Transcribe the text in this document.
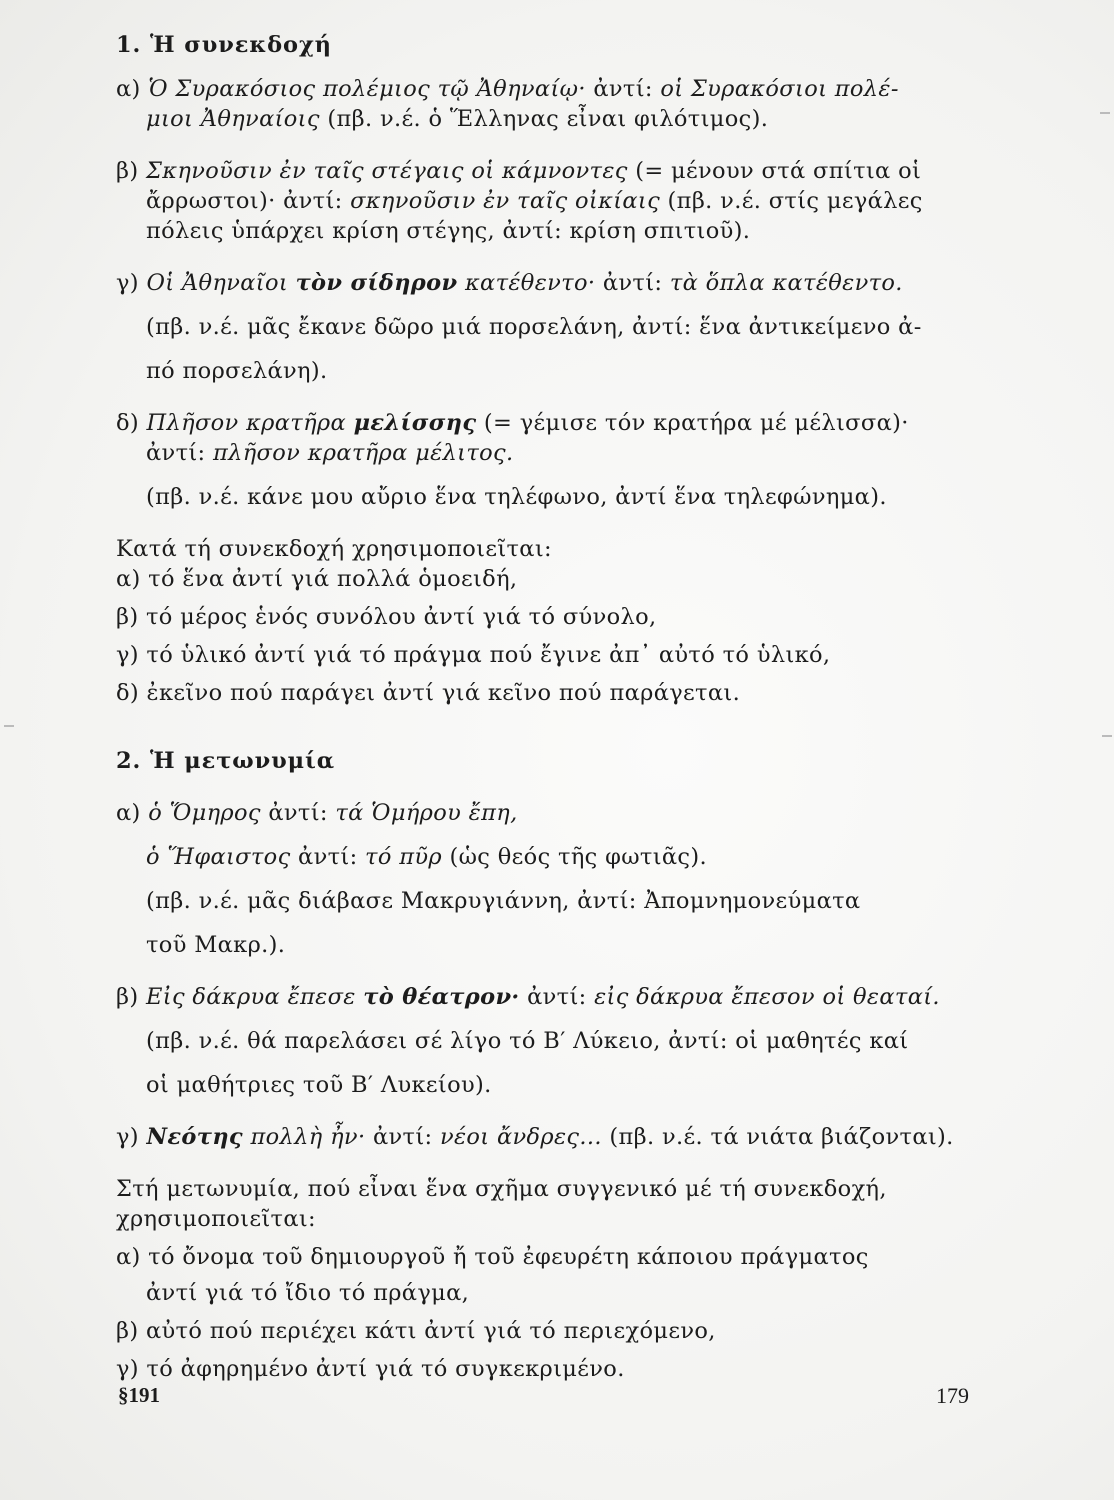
1. Ἡ συνεκδοχή

α) Ὁ Συρακόσιος πολέμιος τῷ Ἀθηναίῳ· ἀντί: οἱ Συρακόσιοι πολέ-

μιοι Ἀθηναίοις (πβ. ν.έ. ὁ Ἕλληνας εἶναι φιλότιμος).

β) Σκηνοῦσιν ἐν ταῖς στέγαις οἱ κάμνοντες (= μένουν στά σπίτια οἱ

ἄρρωστοι)· ἀντί: σκηνοῦσιν ἐν ταῖς οἰκίαις (πβ. ν.έ. στίς μεγάλες

πόλεις ὑπάρχει κρίση στέγης, ἀντί: κρίση σπιτιοῦ).

γ) Οἱ Ἀθηναῖοι τὸν σίδηρον κατέθεντο· ἀντί: τὰ ὅπλα κατέθεντο.

(πβ. ν.έ. μᾶς ἔκανε δῶρο μιά πορσελάνη, ἀντί: ἕνα ἀντικείμενο ἀ-

πό πορσελάνη).

δ) Πλῆσον κρατῆρα μελίσσης (= γέμισε τόν κρατήρα μέ μέλισσα)·

ἀντί: πλῆσον κρατῆρα μέλιτος.

(πβ. ν.έ. κάνε μου αὔριο ἕνα τηλέφωνο, ἀντί ἕνα τηλεφώνημα).

Κατά τή συνεκδοχή χρησιμοποιεῖται:

α) τό ἕνα ἀντί γιά πολλά ὁμοειδή,

β) τό μέρος ἑνός συνόλου ἀντί γιά τό σύνολο,

γ) τό ὑλικό ἀντί γιά τό πράγμα πού ἔγινε ἀπ᾿ αὐτό τό ὑλικό,

δ) ἐκεῖνο πού παράγει ἀντί γιά κεῖνο πού παράγεται.

2. Ἡ μετωνυμία

α) ὁ Ὅμηρος ἀντί: τά Ὁμήρου ἔπη,

ὁ Ἥφαιστος ἀντί: τό πῦρ (ὡς θεός τῆς φωτιᾶς).

(πβ. ν.έ. μᾶς διάβασε Μακρυγιάννη, ἀντί: Ἀπομνημονεύματα

τοῦ Μακρ.).

β) Εἰς δάκρυα ἔπεσε τὸ θέατρον· ἀντί: εἰς δάκρυα ἔπεσον οἱ θεαταί.

(πβ. ν.έ. θά παρελάσει σέ λίγο τό Β′ Λύκειο, ἀντί: οἱ μαθητές καί

οἱ μαθήτριες τοῦ Β′ Λυκείου).

γ) Νεότης πολλὴ ἦν· ἀντί: νέοι ἄνδρες... (πβ. ν.έ. τά νιάτα βιάζονται).

Στή μετωνυμία, πού εἶναι ἕνα σχῆμα συγγενικό μέ τή συνεκδοχή,

χρησιμοποιεῖται:

α) τό ὄνομα τοῦ δημιουργοῦ ἤ τοῦ ἐφευρέτη κάποιου πράγματος

ἀντί γιά τό ἴδιο τό πράγμα,

β) αὐτό πού περιέχει κάτι ἀντί γιά τό περιεχόμενο,

γ) τό ἀφηρημένο ἀντί γιά τό συγκεκριμένο.

§191	179
